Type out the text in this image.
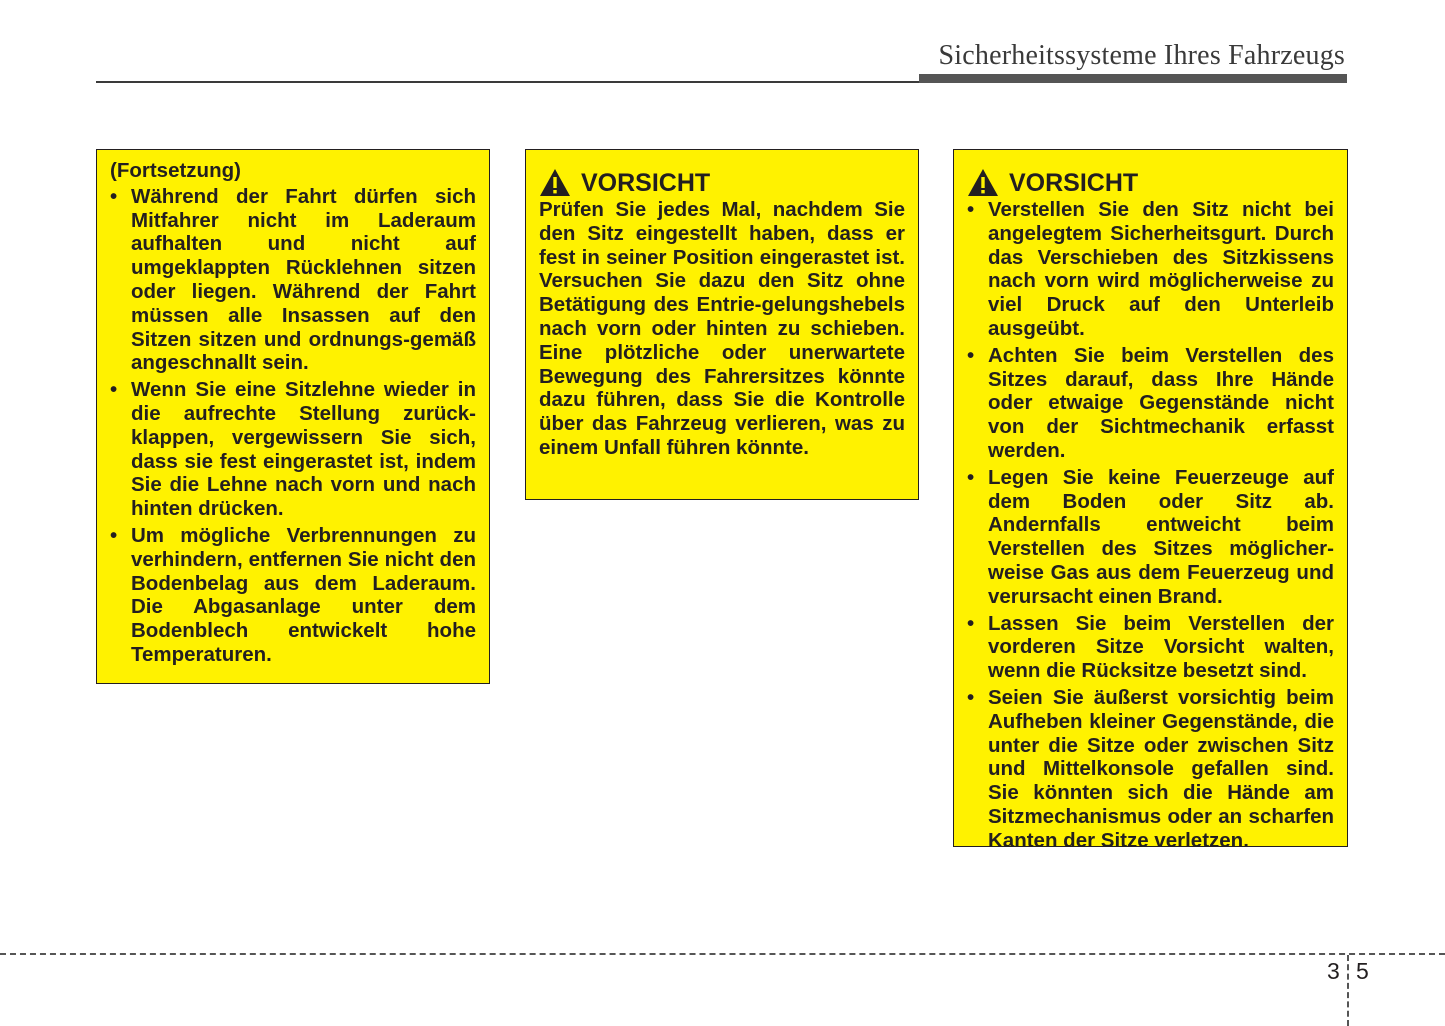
Sicherheitssysteme Ihres Fahrzeugs
(Fortsetzung)
• Während der Fahrt dürfen sich Mitfahrer nicht im Laderaum aufhalten und nicht auf umgeklappten Rücklehnen sitzen oder liegen. Während der Fahrt müssen alle Insassen auf den Sitzen sitzen und ordnungs-gemäß angeschnallt sein.
• Wenn Sie eine Sitzlehne wieder in die aufrechte Stellung zurück-klappen, vergewissern Sie sich, dass sie fest eingerastet ist, indem Sie die Lehne nach vorn und nach hinten drücken.
• Um mögliche Verbrennungen zu verhindern, entfernen Sie nicht den Bodenbelag aus dem Laderaum. Die Abgasanlage unter dem Bodenblech entwickelt hohe Temperaturen.
VORSICHT
Prüfen Sie jedes Mal, nachdem Sie den Sitz eingestellt haben, dass er fest in seiner Position eingerastet ist. Versuchen Sie dazu den Sitz ohne Betätigung des Entrie-gelungshebels nach vorn oder hinten zu schieben. Eine plötzliche oder unerwartete Bewegung des Fahrersitzes könnte dazu führen, dass Sie die Kontrolle über das Fahrzeug verlieren, was zu einem Unfall führen könnte.
VORSICHT
• Verstellen Sie den Sitz nicht bei angelegtem Sicherheitsgurt. Durch das Verschieben des Sitzkissens nach vorn wird möglicherweise zu viel Druck auf den Unterleib ausgeübt.
• Achten Sie beim Verstellen des Sitzes darauf, dass Ihre Hände oder etwaige Gegenstände nicht von der Sichtmechanik erfasst werden.
• Legen Sie keine Feuerzeuge auf dem Boden oder Sitz ab. Andernfalls entweicht beim Verstellen des Sitzes möglicher-weise Gas aus dem Feuerzeug und verursacht einen Brand.
• Lassen Sie beim Verstellen der vorderen Sitze Vorsicht walten, wenn die Rücksitze besetzt sind.
• Seien Sie äußerst vorsichtig beim Aufheben kleiner Gegenstände, die unter die Sitze oder zwischen Sitz und Mittelkonsole gefallen sind. Sie könnten sich die Hände am Sitzmechanismus oder an scharfen Kanten der Sitze verletzen.
3 5
